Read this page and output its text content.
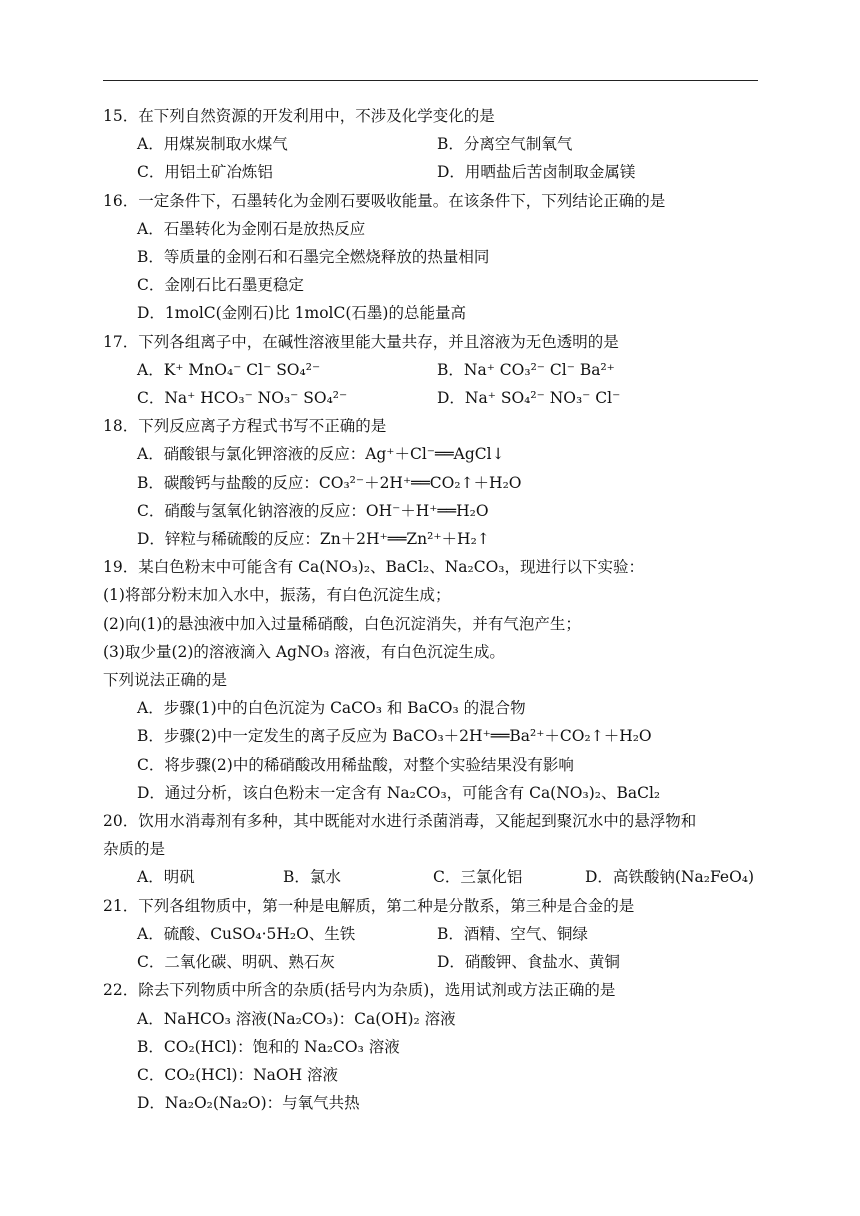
15．在下列自然资源的开发利用中，不涉及化学变化的是
A．用煤炭制取水煤气	B．分离空气制氧气
C．用铝土矿冶炼铝	D．用晒盐后苦卤制取金属镁
16．一定条件下，石墨转化为金刚石要吸收能量。在该条件下，下列结论正确的是
A．石墨转化为金刚石是放热反应
B．等质量的金刚石和石墨完全燃烧释放的热量相同
C．金刚石比石墨更稳定
D．1molC(金刚石)比 1molC(石墨)的总能量高
17．下列各组离子中，在碱性溶液里能大量共存，并且溶液为无色透明的是
A．K⁺ MnO₄⁻ Cl⁻ SO₄²⁻	B．Na⁺ CO₃²⁻ Cl⁻ Ba²⁺
C．Na⁺ HCO₃⁻ NO₃⁻ SO₄²⁻	D．Na⁺ SO₄²⁻ NO₃⁻ Cl⁻
18．下列反应离子方程式书写不正确的是
A．硝酸银与氯化钾溶液的反应：Ag⁺＋Cl⁻══AgCl↓
B．碳酸钙与盐酸的反应：CO₃²⁻＋2H⁺══CO₂↑＋H₂O
C．硝酸与氢氧化钠溶液的反应：OH⁻＋H⁺══H₂O
D．锌粒与稀硫酸的反应：Zn＋2H⁺══Zn²⁺＋H₂↑
19．某白色粉末中可能含有 Ca(NO₃)₂、BaCl₂、Na₂CO₃，现进行以下实验：
(1)将部分粉末加入水中，振荡，有白色沉淀生成；
(2)向(1)的悬浊液中加入过量稀硝酸，白色沉淀消失，并有气泡产生；
(3)取少量(2)的溶液滴入 AgNO₃ 溶液，有白色沉淀生成。
下列说法正确的是
A．步骤(1)中的白色沉淀为 CaCO₃ 和 BaCO₃ 的混合物
B．步骤(2)中一定发生的离子反应为 BaCO₃＋2H⁺══Ba²⁺＋CO₂↑＋H₂O
C．将步骤(2)中的稀硝酸改用稀盐酸，对整个实验结果没有影响
D．通过分析，该白色粉末一定含有 Na₂CO₃，可能含有 Ca(NO₃)₂、BaCl₂
20．饮用水消毒剂有多种，其中既能对水进行杀菌消毒，又能起到聚沉水中的悬浮物和
杂质的是
A．明矾	B．氯水	C．三氯化铝	D．高铁酸钠(Na₂FeO₄)
21．下列各组物质中，第一种是电解质，第二种是分散系，第三种是合金的是
A．硫酸、CuSO₄·5H₂O、生铁	B．酒精、空气、铜绿
C．二氧化碳、明矾、熟石灰	D．硝酸钾、食盐水、黄铜
22．除去下列物质中所含的杂质(括号内为杂质)，选用试剂或方法正确的是
A．NaHCO₃ 溶液(Na₂CO₃)：Ca(OH)₂ 溶液
B．CO₂(HCl)：饱和的 Na₂CO₃ 溶液
C．CO₂(HCl)：NaOH 溶液
D．Na₂O₂(Na₂O)：与氧气共热
